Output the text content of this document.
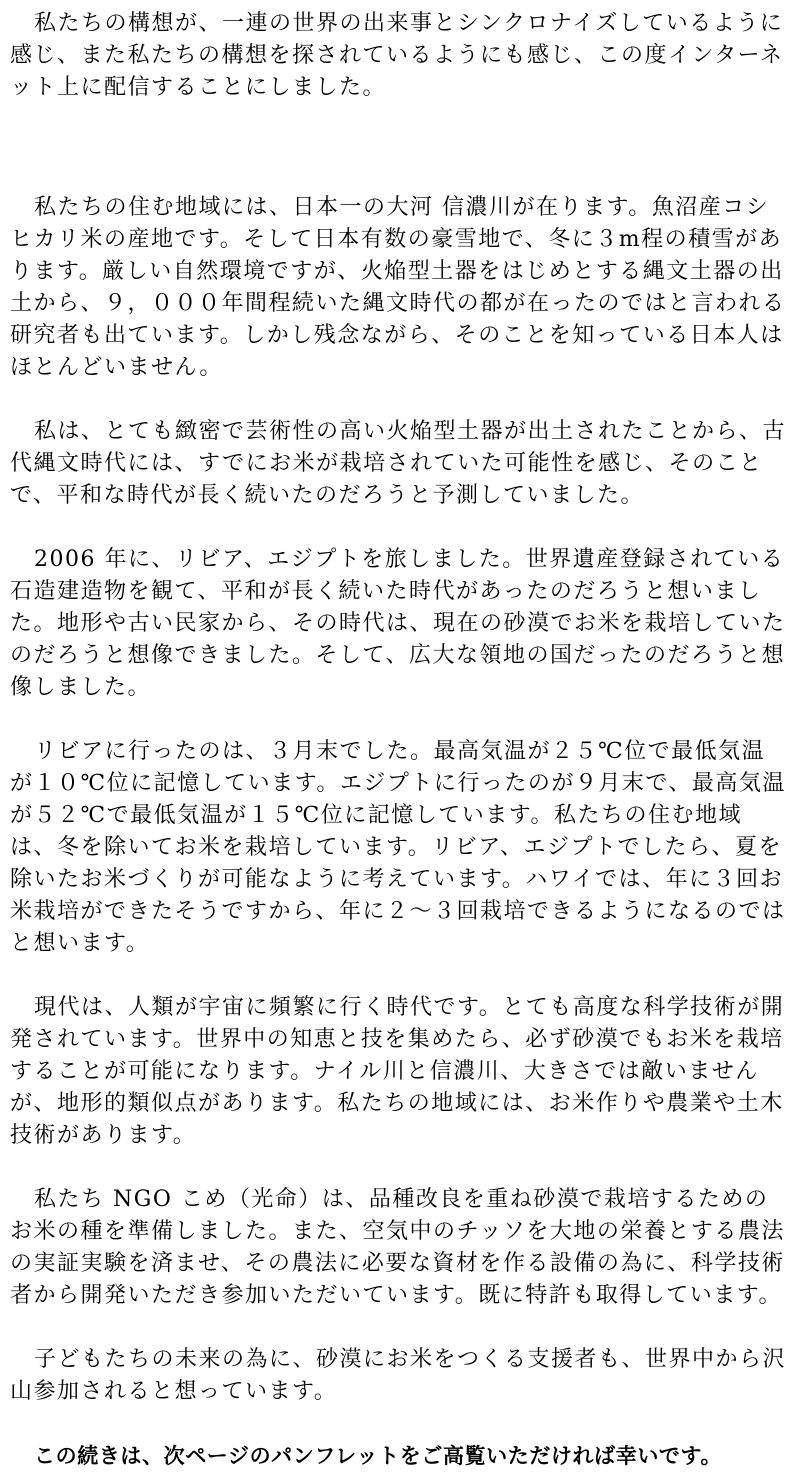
私たちの構想が、一連の世界の出来事とシンクロナイズしているように感じ、また私たちの構想を探されているようにも感じ、この度インターネット上に配信することにしました。

私たちの住む地域には、日本一の大河 信濃川が在ります。魚沼産コシヒカリ米の産地です。そして日本有数の豪雪地で、冬に３m程の積雪があります。厳しい自然環境ですが、火焔型土器をはじめとする縄文土器の出土から、９，０００年間程続いた縄文時代の都が在ったのではと言われる研究者も出ています。しかし残念ながら、そのことを知っている日本人はほとんどいません。

私は、とても緻密で芸術性の高い火焔型土器が出土されたことから、古代縄文時代には、すでにお米が栽培されていた可能性を感じ、そのことで、平和な時代が長く続いたのだろうと予測していました。

2006 年に、リビア、エジプトを旅しました。世界遺産登録されている石造建造物を観て、平和が長く続いた時代があったのだろうと想いました。地形や古い民家から、その時代は、現在の砂漠でお米を栽培していたのだろうと想像できました。そして、広大な領地の国だったのだろうと想像しました。

リビアに行ったのは、３月末でした。最高気温が２５℃位で最低気温が１０℃位に記憶しています。エジプトに行ったのが９月末で、最高気温が５２℃で最低気温が１５℃位に記憶しています。私たちの住む地域は、冬を除いてお米を栽培しています。リビア、エジプトでしたら、夏を除いたお米づくりが可能なように考えています。ハワイでは、年に３回お米栽培ができたそうですから、年に２～３回栽培できるようになるのではと想います。

現代は、人類が宇宙に頻繁に行く時代です。とても高度な科学技術が開発されています。世界中の知恵と技を集めたら、必ず砂漠でもお米を栽培することが可能になります。ナイル川と信濃川、大きさでは敵いませんが、地形的類似点があります。私たちの地域には、お米作りや農業や土木技術があります。

私たち NGO こめ（光命）は、品種改良を重ね砂漠で栽培するためのお米の種を準備しました。また、空気中のチッソを大地の栄養とする農法の実証実験を済ませ、その農法に必要な資材を作る設備の為に、科学技術者から開発いただき参加いただいています。既に特許も取得しています。

子どもたちの未来の為に、砂漠にお米をつくる支援者も、世界中から沢山参加されると想っています。

この続きは、次ページのパンフレットをご高覧いただければ幸いです。
